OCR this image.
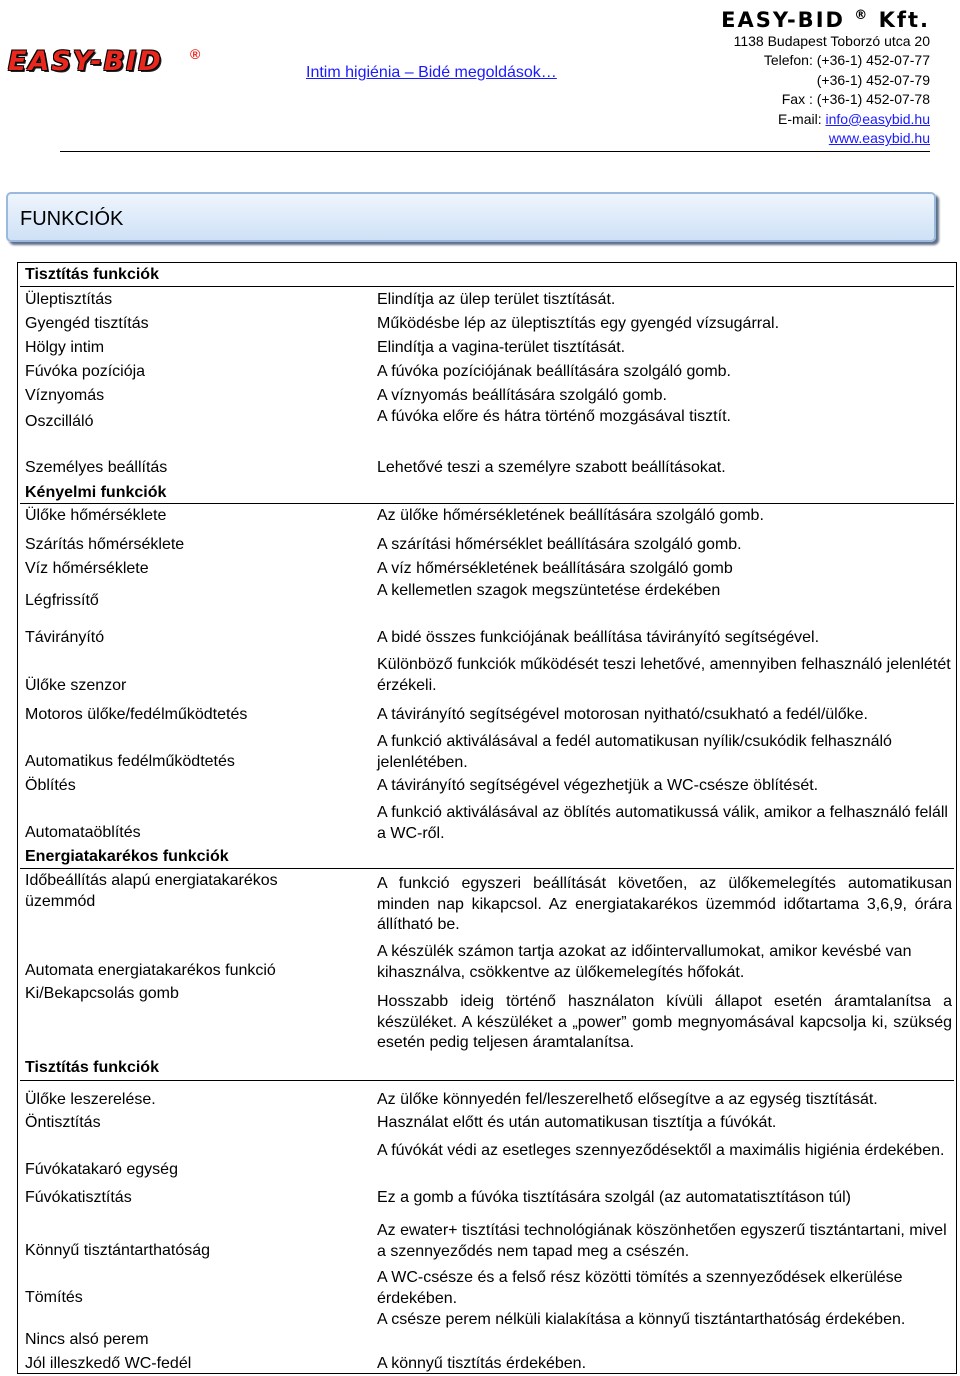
EASY-BID ®
Intim higiénia – Bidé megoldások…
EASY-BID ® Kft.
1138 Budapest Toborzó utca 20
Telefon: (+36-1) 452-07-77
(+36-1) 452-07-79
Fax : (+36-1) 452-07-78
E-mail: info@easybid.hu
www.easybid.hu
FUNKCIÓK
Tisztítás funkciók
Üleptisztítás
Gyengéd tisztítás
Hölgy intim
Fúvóka pozíciója
Víznyomás
Oszcilláló
Személyes beállítás
Kényelmi funkciók
Ülőke hőmérséklete
Szárítás hőmérséklete
Víz hőmérséklete
Légfrissítő
Távirányító
Ülőke szenzor
Motoros ülőke/fedélműködtetés
Automatikus fedélműködtetés
Öblítés
Automataöblítés
Energiatakarékos funkciók
Időbeállítás alapú energiatakarékos üzemmód
Automata energiatakarékos funkció
Ki/Bekapcsolás gomb
Tisztítás funkciók
Ülőke leszerelése.
Öntisztítás
Fúvókatakaró egység
Fúvókatisztítás
Könnyű tisztántarthatóság
Tömítés
Nincs alsó perem
Jól illeszkedő WC-fedél
Elindítja az ülep terület tisztítását.
Működésbe lép az üleptisztítás egy gyengéd vízsugárral.
Elindítja a vagina-terület tisztítását.
A fúvóka pozíciójának beállítására szolgáló gomb.
A víznyomás beállítására szolgáló gomb.
A fúvóka előre és hátra történő mozgásával tisztít.
Lehetővé teszi a személyre szabott beállításokat.
Az ülőke hőmérsékletének beállítására szolgáló gomb.
A szárítási hőmérséklet beállítására szolgáló gomb.
A víz hőmérsékletének beállítására szolgáló gomb
A kellemetlen szagok megszüntetése érdekében
A bidé összes funkciójának beállítása távirányító segítségével.
Különböző funkciók működését teszi lehetővé, amennyiben felhasználó jelenlétét érzékeli.
A távirányító segítségével motorosan nyitható/csukható a fedél/ülőke.
A funkció aktiválásával a fedél automatikusan nyílik/csukódik felhasználó jelenlétében.
A távirányító segítségével végezhetjük a WC-csésze öblítését.
A funkció aktiválásával az öblítés automatikussá válik, amikor a felhasználó feláll a WC-ről.
A funkció egyszeri beállítását követően, az ülőkemelegítés automatikusan minden nap kikapcsol. Az energiatakarékos üzemmód időtartama 3,6,9, órára állítható be.
A készülék számon tartja azokat az időintervallumokat, amikor kevésbé van kihasználva, csökkentve az ülőkemelegítés hőfokát.
Hosszabb ideig történő használaton kívüli állapot esetén áramtalanítsa a készüléket. A készüléket a „power” gomb megnyomásával kapcsolja ki, szükség esetén pedig teljesen áramtalanítsa.
Az ülőke könnyedén fel/leszerelhető elősegítve a az egység tisztítását.
Használat előtt és után automatikusan tisztítja a fúvókát.
A fúvókát védi az esetleges szennyeződésektől a maximális higiénia érdekében.
Ez a gomb a fúvóka tisztítására szolgál (az automatatisztításon túl)
Az ewater+ tisztítási technológiának köszönhetően egyszerű tisztántartani, mivel a szennyeződés nem tapad meg a csészén.
A WC-csésze és a felső rész közötti tömítés a szennyeződések elkerülése érdekében.
A csésze perem nélküli kialakítása a könnyű tisztántarthatóság érdekében.
A könnyű tisztítás érdekében.
